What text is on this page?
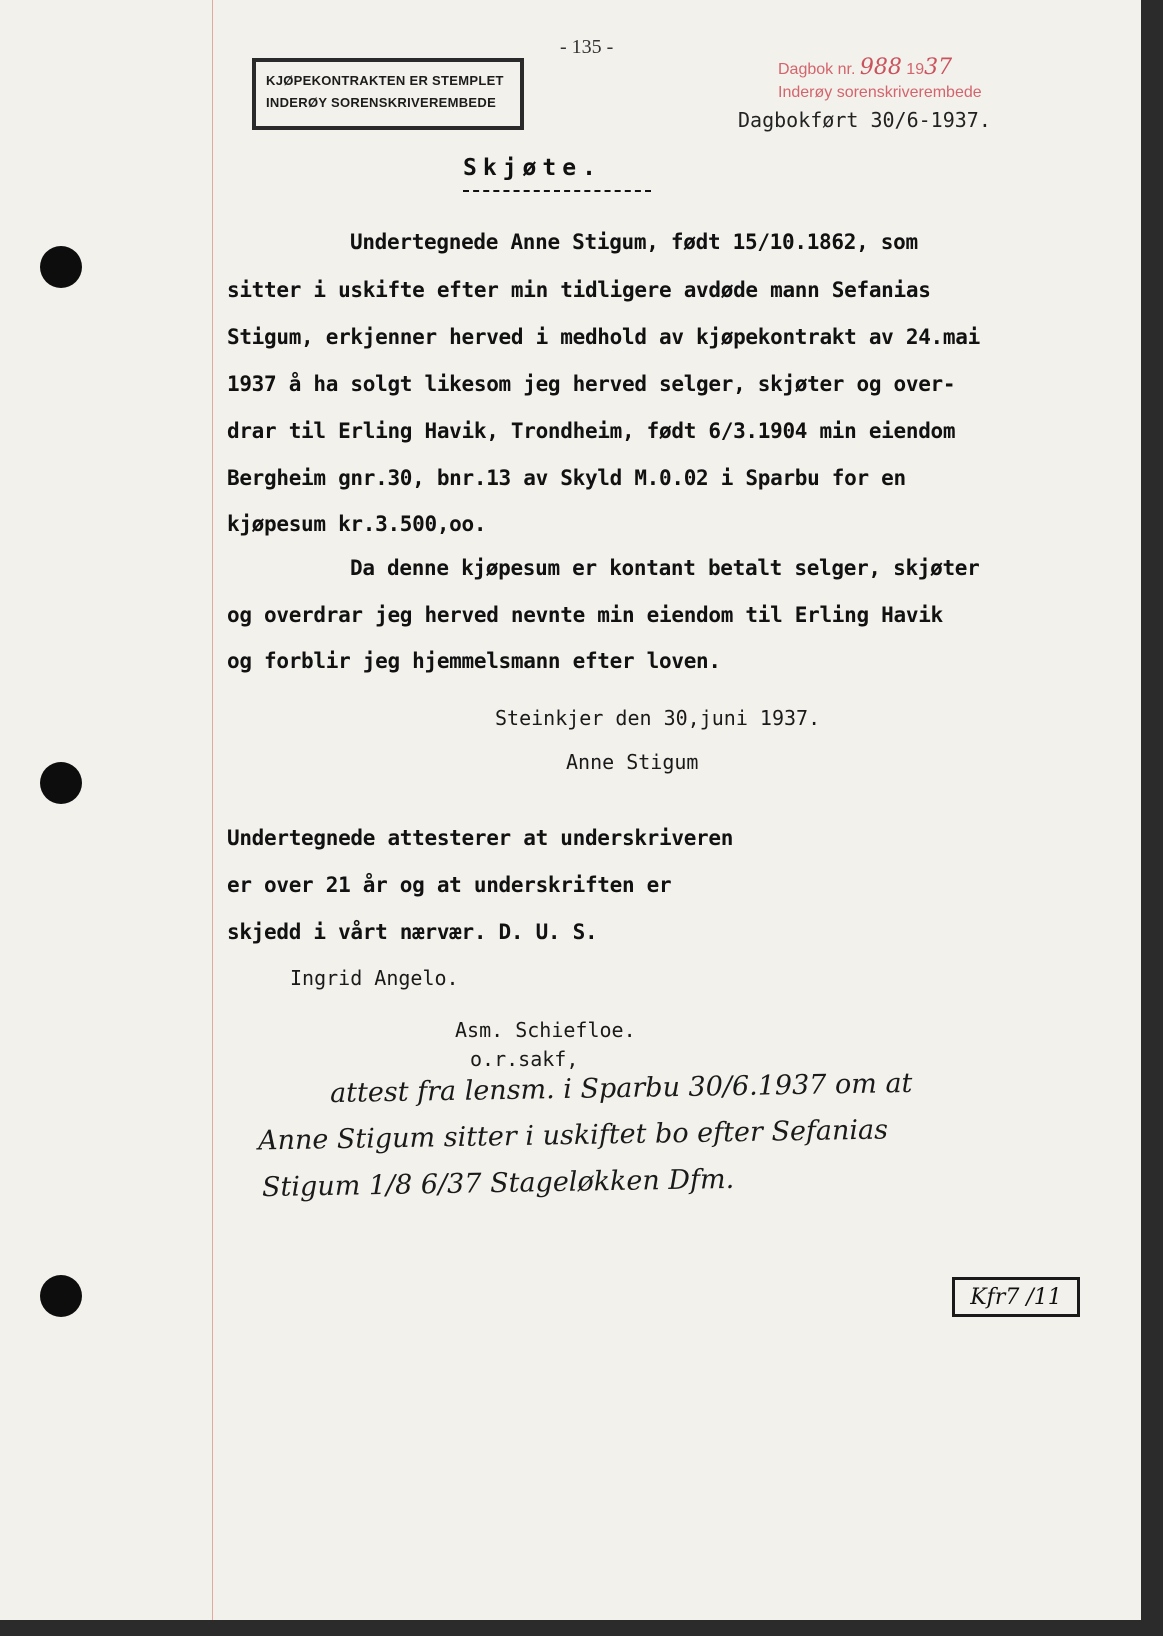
KJØPEKONTRAKTEN ER STEMPLET
INDERØY SORENSKRIVEREMBEDE
- 135 -
Dagbok nr. 988 1937
Inderøy sorenskriverembede
Dagbokført 30/6-1937.
Skjøte.
Undertegnede Anne Stigum, født 15/10.1862, som
sitter i uskifte efter min tidligere avdøde mann Sefanias
Stigum, erkjenner herved i medhold av kjøpekontrakt av 24.mai
1937 å ha solgt likesom jeg herved selger, skjøter og over-
drar til Erling Havik, Trondheim, født 6/3.1904 min eiendom
Bergheim gnr.30, bnr.13 av Skyld M.0.02 i Sparbu for en
kjøpesum kr.3.500,oo.
Da denne kjøpesum er kontant betalt selger, skjøter
og overdrar jeg herved nevnte min eiendom til Erling Havik
og forblir jeg hjemmelsmann efter loven.
Steinkjer den 30,juni 1937.
Anne Stigum
Undertegnede attesterer at underskriveren
er over 21 år og at underskriften er
skjedd i vårt nærvær. D. U. S.
Ingrid Angelo.
Asm. Schiefloe.
o.r.sakf,
attest fra lensm. i Sparbu 30/6.1937 om at
Anne Stigum sitter i uskiftet bo efter Sefanias
Stigum 1/8 6/37 Stageløkken Dfm.
Kfr7 /11
